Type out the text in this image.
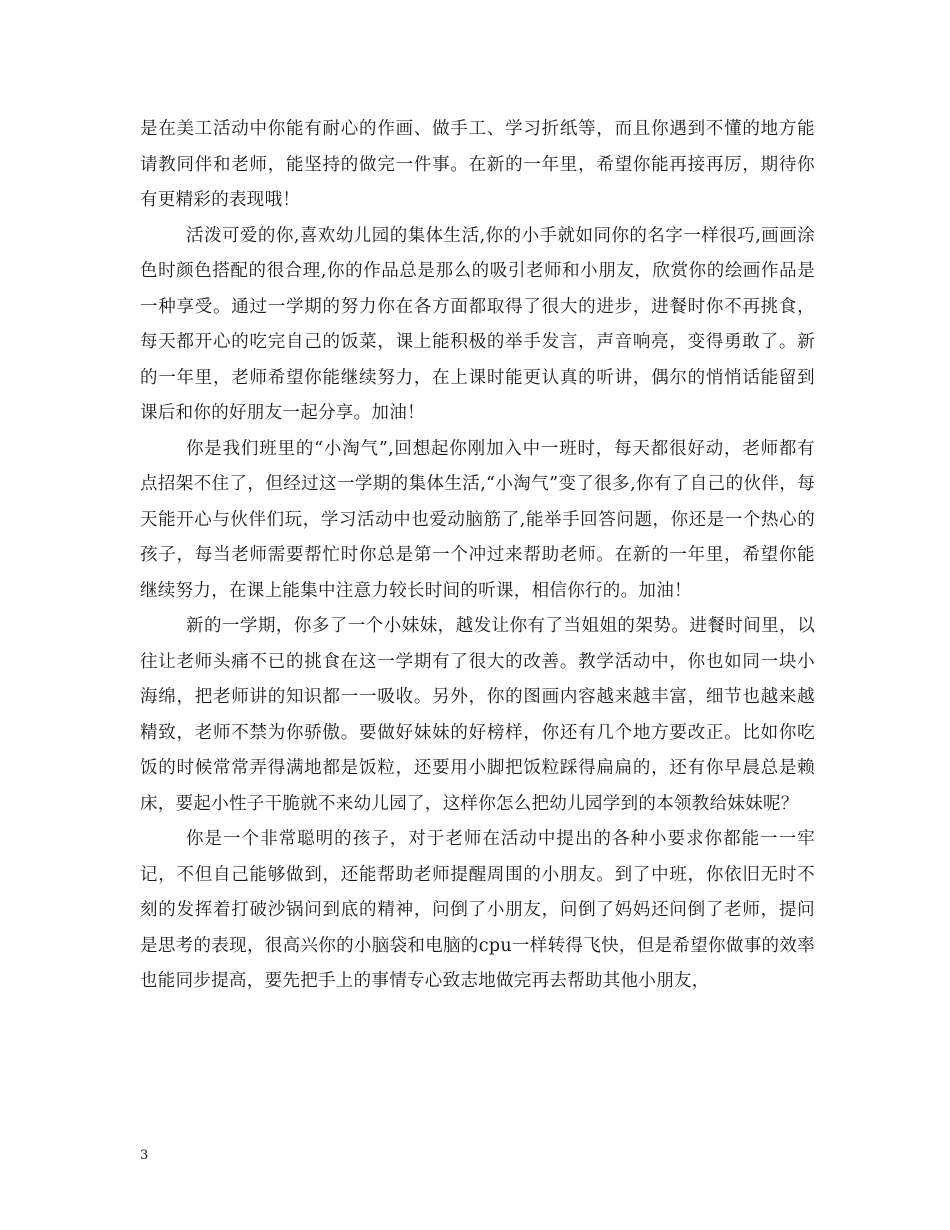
是在美工活动中你能有耐心的作画、做手工、学习折纸等，而且你遇到不懂的地方能请教同伴和老师，能坚持的做完一件事。在新的一年里，希望你能再接再厉，期待你有更精彩的表现哦！

活泼可爱的你,喜欢幼儿园的集体生活,你的小手就如同你的名字一样很巧,画画涂色时颜色搭配的很合理,你的作品总是那么的吸引老师和小朋友，欣赏你的绘画作品是一种享受。通过一学期的努力你在各方面都取得了很大的进步，进餐时你不再挑食，每天都开心的吃完自己的饭菜，课上能积极的举手发言，声音响亮，变得勇敢了。新的一年里，老师希望你能继续努力，在上课时能更认真的听讲，偶尔的悄悄话能留到课后和你的好朋友一起分享。加油！

你是我们班里的“小淘气”,回想起你刚加入中一班时，每天都很好动，老师都有点招架不住了，但经过这一学期的集体生活,“小淘气”变了很多,你有了自己的伙伴，每天能开心与伙伴们玩，学习活动中也爱动脑筋了,能举手回答问题，你还是一个热心的孩子，每当老师需要帮忙时你总是第一个冲过来帮助老师。在新的一年里，希望你能继续努力，在课上能集中注意力较长时间的听课，相信你行的。加油！

新的一学期，你多了一个小妹妹，越发让你有了当姐姐的架势。进餐时间里，以往让老师头痛不已的挑食在这一学期有了很大的改善。教学活动中，你也如同一块小海绵，把老师讲的知识都一一吸收。另外，你的图画内容越来越丰富，细节也越来越精致，老师不禁为你骄傲。要做好妹妹的好榜样，你还有几个地方要改正。比如你吃饭的时候常常弄得满地都是饭粒，还要用小脚把饭粒踩得扁扁的，还有你早晨总是赖床，要起小性子干脆就不来幼儿园了，这样你怎么把幼儿园学到的本领教给妹妹呢？

你是一个非常聪明的孩子，对于老师在活动中提出的各种小要求你都能一一牢记，不但自己能够做到，还能帮助老师提醒周围的小朋友。到了中班，你依旧无时不刻的发挥着打破沙锅问到底的精神，问倒了小朋友，问倒了妈妈还问倒了老师，提问是思考的表现，很高兴你的小脑袋和电脑的cpu一样转得飞快，但是希望你做事的效率也能同步提高，要先把手上的事情专心致志地做完再去帮助其他小朋友，

3
